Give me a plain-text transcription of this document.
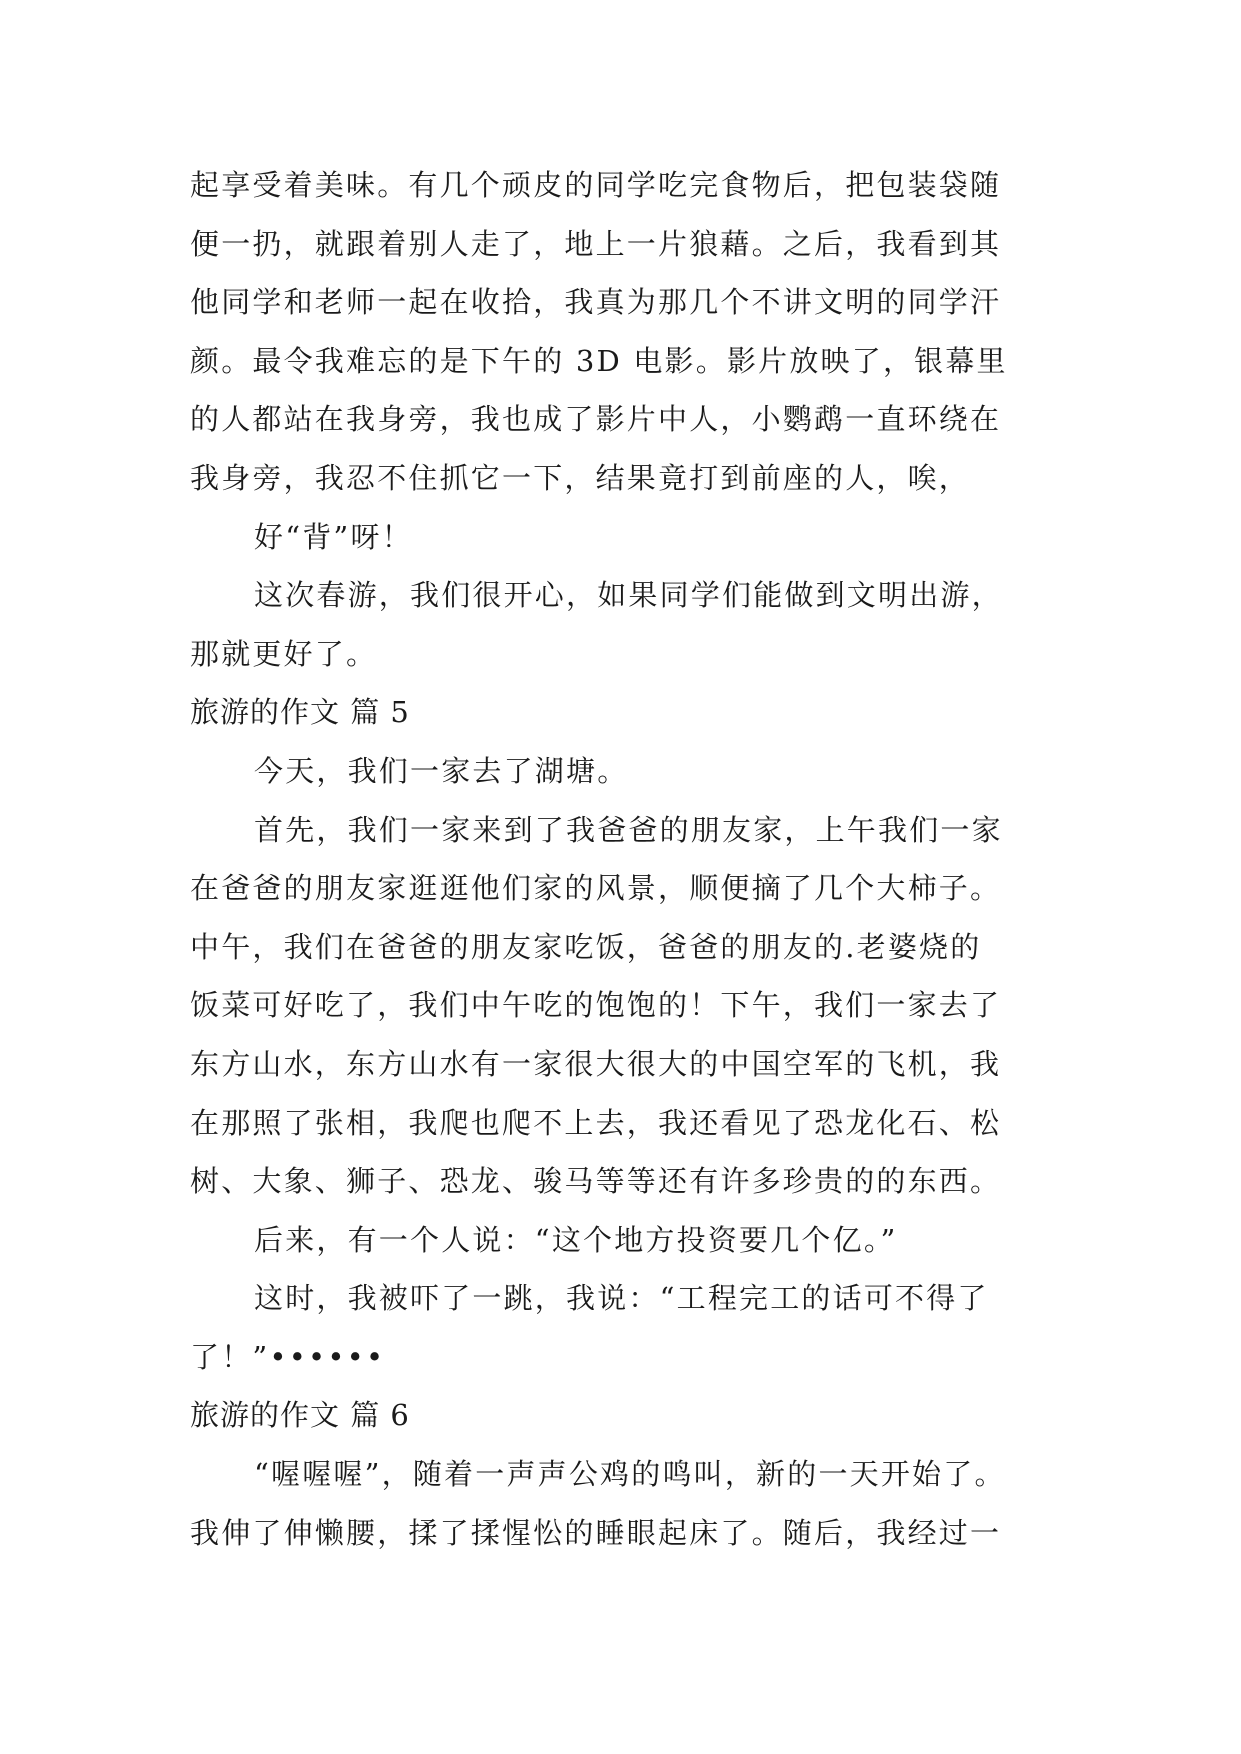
起享受着美味。有几个顽皮的同学吃完食物后，把包装袋随
便一扔，就跟着别人走了，地上一片狼藉。之后，我看到其
他同学和老师一起在收拾，我真为那几个不讲文明的同学汗
颜。最令我难忘的是下午的 3D 电影。影片放映了，银幕里
的人都站在我身旁，我也成了影片中人，小鹦鹉一直环绕在
我身旁，我忍不住抓它一下，结果竟打到前座的人，唉，
好“背”呀！
这次春游，我们很开心，如果同学们能做到文明出游，
那就更好了。
旅游的作文 篇 5
今天，我们一家去了湖塘。
首先，我们一家来到了我爸爸的朋友家，上午我们一家
在爸爸的朋友家逛逛他们家的风景，顺便摘了几个大柿子。
中午，我们在爸爸的朋友家吃饭，爸爸的朋友的.老婆烧的
饭菜可好吃了，我们中午吃的饱饱的！下午，我们一家去了
东方山水，东方山水有一家很大很大的中国空军的飞机，我
在那照了张相，我爬也爬不上去，我还看见了恐龙化石、松
树、大象、狮子、恐龙、骏马等等还有许多珍贵的的东西。
后来，有一个人说：“这个地方投资要几个亿。”
这时，我被吓了一跳，我说：“工程完工的话可不得了
了！”••••••
旅游的作文 篇 6
“喔喔喔”，随着一声声公鸡的鸣叫，新的一天开始了。
我伸了伸懒腰，揉了揉惺忪的睡眼起床了。随后，我经过一
